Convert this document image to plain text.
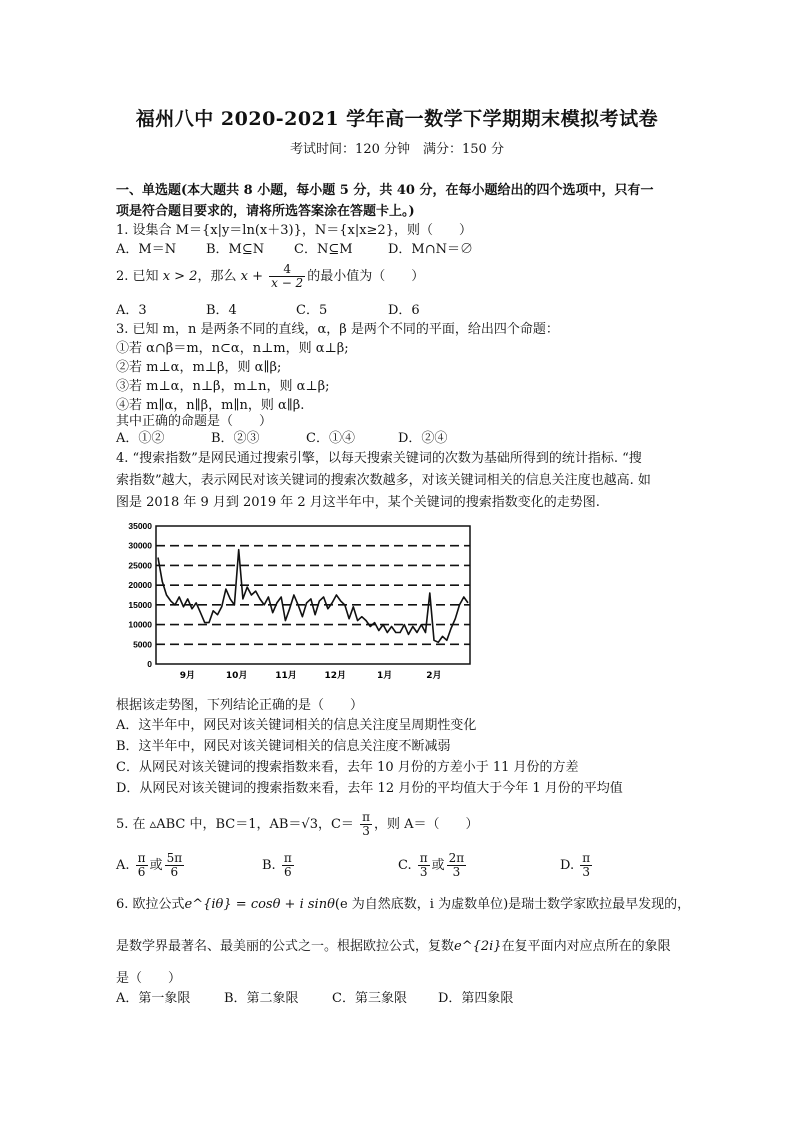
福州八中 2020-2021 学年高一数学下学期期末模拟考试卷
考试时间：120 分钟　满分：150 分
一、单选题(本大题共 8 小题，每小题 5 分，共 40 分，在每小题给出的四个选项中，只有一
项是符合题目要求的，请将所选答案涂在答题卡上。)
1. 设集合 M＝{x|y＝ln(x＋3)}，N＝{x|x≥2}，则（　　）
A．M＝N B．M⊆N C．N⊆M	D．M∩N＝∅
2. 已知 x > 2，那么 $x + \frac{4}{x - 2}$ 的最小值为（　　）
A．3	B．4	C．5	D．6
3. 已知 m，n 是两条不同的直线，α，β 是两个不同的平面，给出四个命题：
①若 α∩β＝m，n⊂α，n⊥m，则 α⊥β;
②若 m⊥α，m⊥β，则 α∥β;
③若 m⊥α，n⊥β，m⊥n，则 α⊥β;
④若 m∥α，n∥β，m∥n，则 α∥β.
其中正确的命题是（　　）
A．①②	B．②③	C．①④	D．②④
4. “搜索指数”是网民通过搜索引擎，以每天搜索关键词的次数为基础所得到的统计指标. “搜
索指数”越大，表示网民对该关键词的搜索次数越多，对该关键词相关的信息关注度也越高. 如
图是 2018 年 9 月到 2019 年 2 月这半年中，某个关键词的搜索指数变化的走势图.
35000
30000
25000
20000
15000
10000
5000
0
9月	10月	11月	12月	1月	2月
根据该走势图，下列结论正确的是（　　）
A．这半年中，网民对该关键词相关的信息关注度呈周期性变化
B．这半年中，网民对该关键词相关的信息关注度不断减弱
C．从网民对该关键词的搜索指数来看，去年 10 月份的方差小于 11 月份的方差
D．从网民对该关键词的搜索指数来看，去年 12 月份的平均值大于今年 1 月份的平均值
5. 在 ▵ABC 中，BC＝1，AB＝√3，$C= \frac{\pi}{3}$ ，则 A＝（　　）
A. $\frac{\pi}{6}$ 或 $\frac{5\pi}{6}$	B. $\frac{\pi}{6}$	C. $\frac{\pi}{3}$ 或 $\frac{2\pi}{3}$	D. $\frac{\pi}{3}$
6. 欧拉公式e^{iθ} = cosθ + i sinθ(e 为自然底数，i 为虚数单位)是瑞士数学家欧拉最早发现的，
是数学界最著名、最美丽的公式之一。根据欧拉公式，复数e^{2i}在复平面内对应点所在的象限
是（　　）
A．第一象限	B．第二象限	C．第三象限 D．第四象限
